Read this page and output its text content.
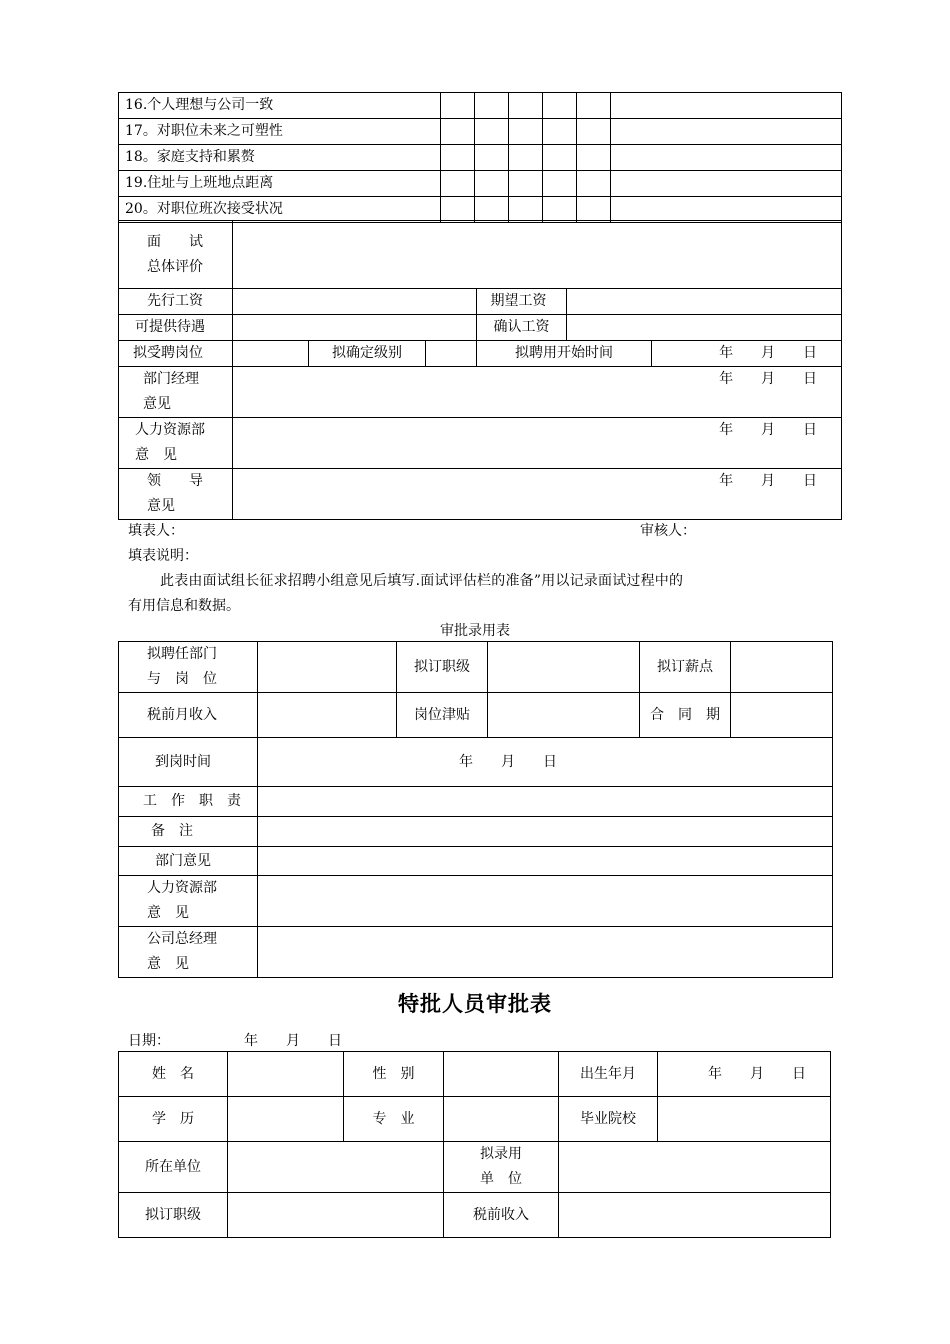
16.个人理想与公司一致						
17。对职位未来之可塑性						
18。家庭支持和累赘						
19.住址与上班地点距离						
20。对职位班次接受状况						
面　　试
总体评价						

先行工资				期望工资		
可提供待遇				确认工资		
拟受聘岗位		拟确定级别		拟聘用开始时间		年　　月　　日

部门经理
意见	年　　月　　日					

人力资源部
意　见	年　　月　　日					

领　　导
意见	年　　月　　日					
填表人：	审核人：
填表说明：
此表由面试组长征求招聘小组意见后填写.面试评估栏的准备”用以记录面试过程中的
有用信息和数据。
审批录用表
拟聘任部门
与　岗　位		拟订职级		拟订薪点	
税前月收入		岗位津贴		合　同　期	
到岗时间	年　　月　　日				
工　作　职　责					
备　注					
部门意见					

人力资源部
意　见					

公司总经理
意　见					

特批人员审批表
日期：	年　　月　　日
姓　名		性　别		出生年月	年　　月　　日
学　历		专　业		毕业院校	
所在单位			拟录用
单　位		

拟订职级			税前收入		
